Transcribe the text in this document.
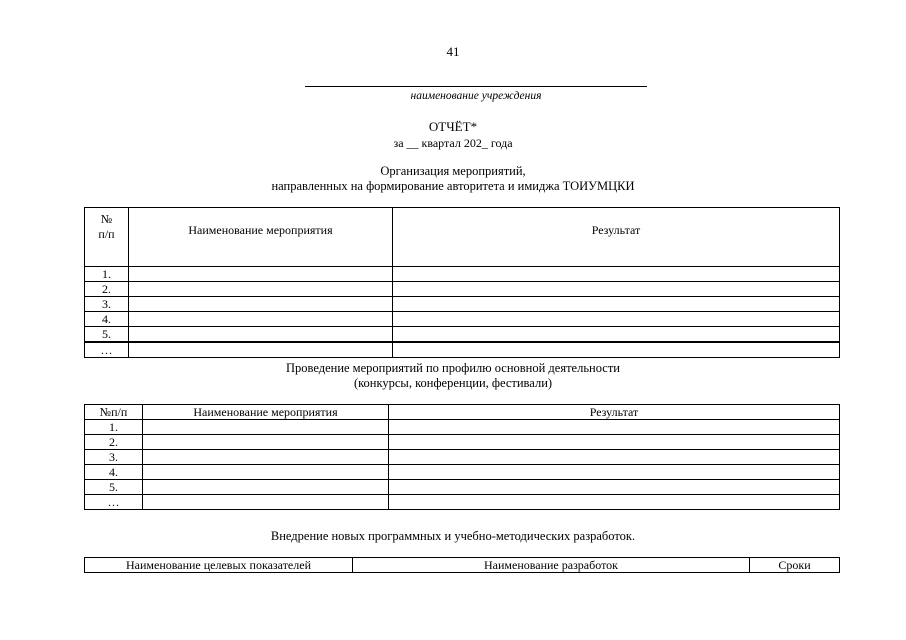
41
наименование учреждения
ОТЧЁТ*
за __ квартал 202_ года
Организация мероприятий,
направленных на формирование авторитета и имиджа ТОИУМЦКИ
№
п/п	Наименование мероприятия	Результат
1.		
2.		
3.		
4.		
5.		
…		
Проведение мероприятий по профилю основной деятельности
(конкурсы, конференции, фестивали)
№п/п	Наименование мероприятия	Результат
1.		
2.		
3.		
4.		
5.		
…		
Внедрение новых программных и учебно-методических разработок.
Наименование целевых показателей	Наименование разработок	Сроки
